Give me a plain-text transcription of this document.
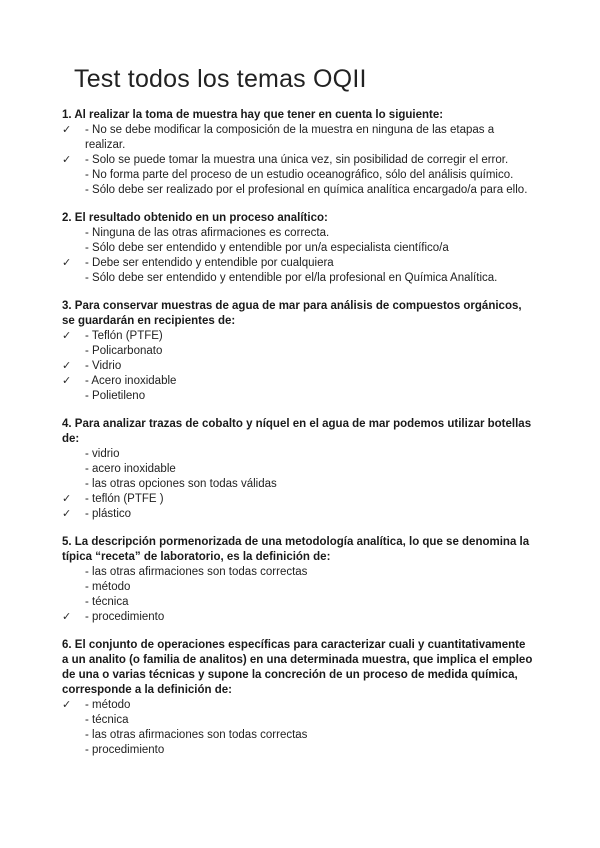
Test todos los temas OQII
1. Al realizar la toma de muestra hay que tener en cuenta lo siguiente:
✓	- No se debe modificar la composición de la muestra en ninguna de las etapas a realizar.
✓	- Solo se puede tomar la muestra una única vez, sin posibilidad de corregir el error.
- No forma parte del proceso de un estudio oceanográfico, sólo del análisis químico.
- Sólo debe ser realizado por el profesional en química analítica encargado/a para ello.
2. El resultado obtenido en un proceso analítico:
- Ninguna de las otras afirmaciones es correcta.
- Sólo debe ser entendido y entendible por un/a especialista científico/a
✓	- Debe ser entendido y entendible por cualquiera
- Sólo debe ser entendido y entendible por el/la profesional en Química Analítica.
3. Para conservar muestras de agua de mar para análisis de compuestos orgánicos, se guardarán en recipientes de:
✓	- Teflón (PTFE)
- Policarbonato
✓	- Vidrio
✓	- Acero inoxidable
- Polietileno
4. Para analizar trazas de cobalto y níquel en el agua de mar podemos utilizar botellas de:
- vidrio
- acero inoxidable
- las otras opciones son todas válidas
✓	- teflón (PTFE )
✓	- plástico
5. La descripción pormenorizada de una metodología analítica, lo que se denomina la típica “receta” de laboratorio, es la definición de:
- las otras afirmaciones son todas correctas
- método
- técnica
✓	- procedimiento
6. El conjunto de operaciones específicas para caracterizar cuali y cuantitativamente a un analito (o familia de analitos) en una determinada muestra, que implica el empleo de una o varias técnicas y supone la concreción de un proceso de medida química, corresponde a la definición de:
✓	- método
- técnica
- las otras afirmaciones son todas correctas
- procedimiento
